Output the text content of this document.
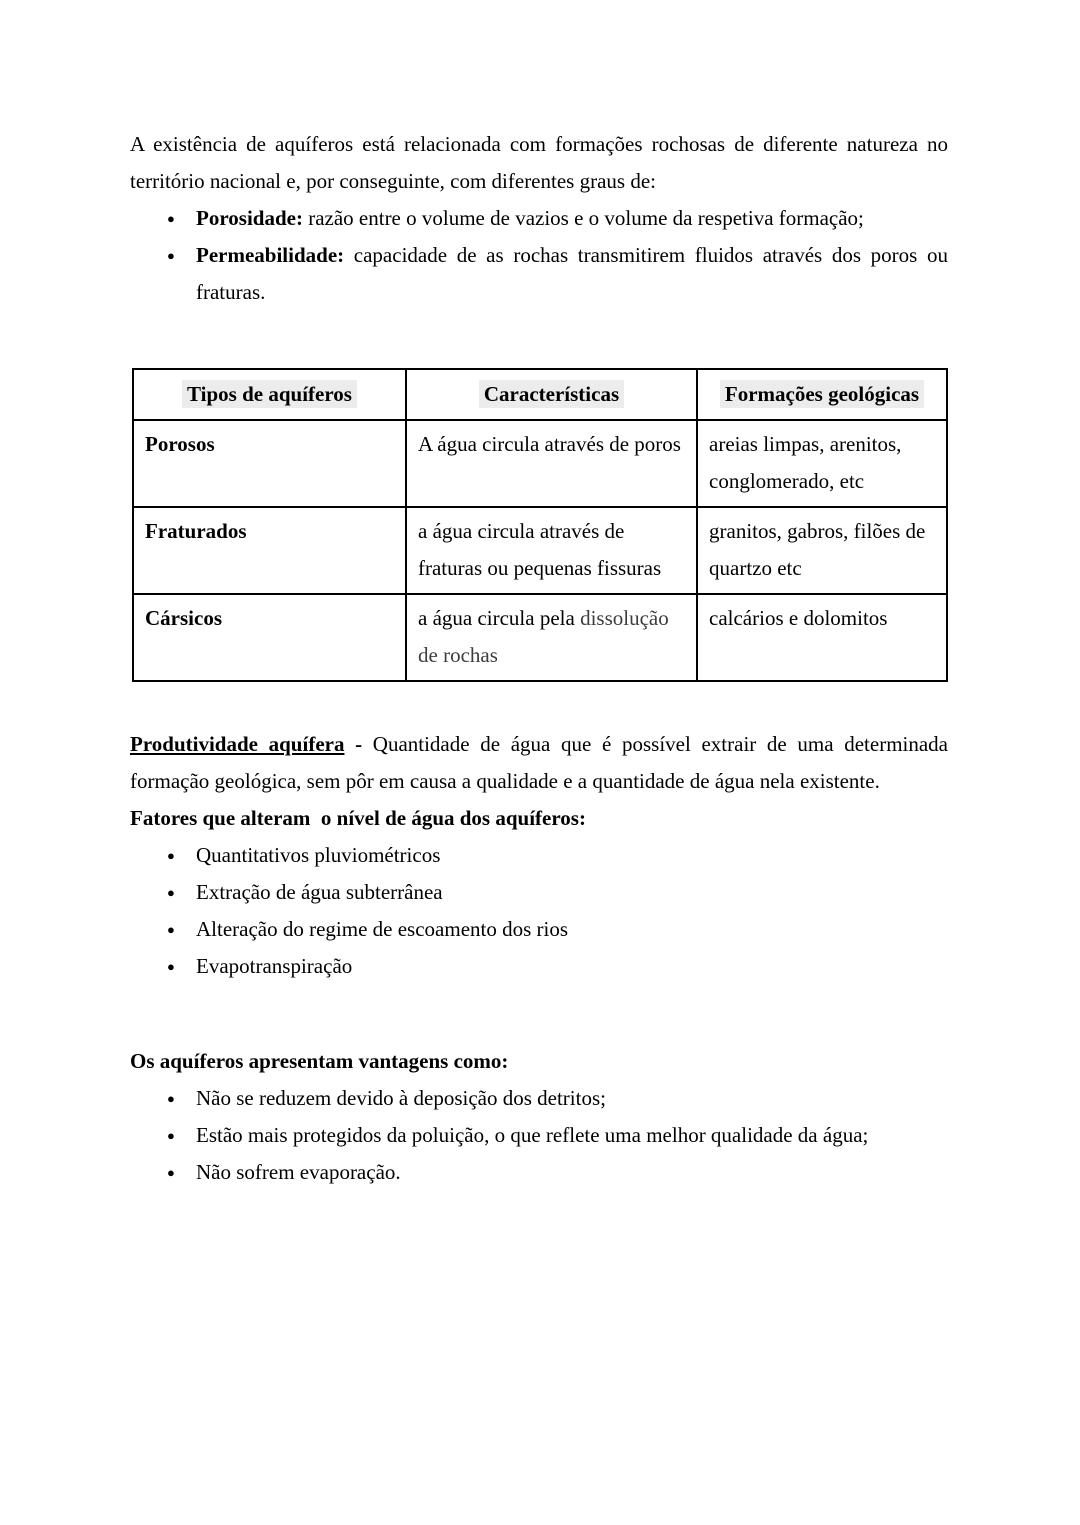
A existência de aquíferos está relacionada com formações rochosas de diferente natureza no território nacional e, por conseguinte, com diferentes graus de:

● Porosidade: razão entre o volume de vazios e o volume da respetiva formação;
● Permeabilidade: capacidade de as rochas transmitirem fluidos através dos poros ou fraturas.
Tipos de aquíferos	Características	Formações geológicas
Porosos	A água circula através de poros	areias limpas, arenitos, conglomerado, etc
Fraturados	a água circula através de fraturas ou pequenas fissuras	granitos, gabros, filões de quartzo etc
Cársicos	a água circula pela dissolução de rochas	calcários e dolomitos

Produtividade aquífera - Quantidade de água que é possível extrair de uma determinada formação geológica, sem pôr em causa a qualidade e a quantidade de água nela existente.

Fatores que alteram  o nível de água dos aquíferos:

● Quantitativos pluviométricos
● Extração de água subterrânea
● Alteração do regime de escoamento dos rios
● Evapotranspiração

Os aquíferos apresentam vantagens como:

● Não se reduzem devido à deposição dos detritos;
● Estão mais protegidos da poluição, o que reflete uma melhor qualidade da água;
● Não sofrem evaporação.
